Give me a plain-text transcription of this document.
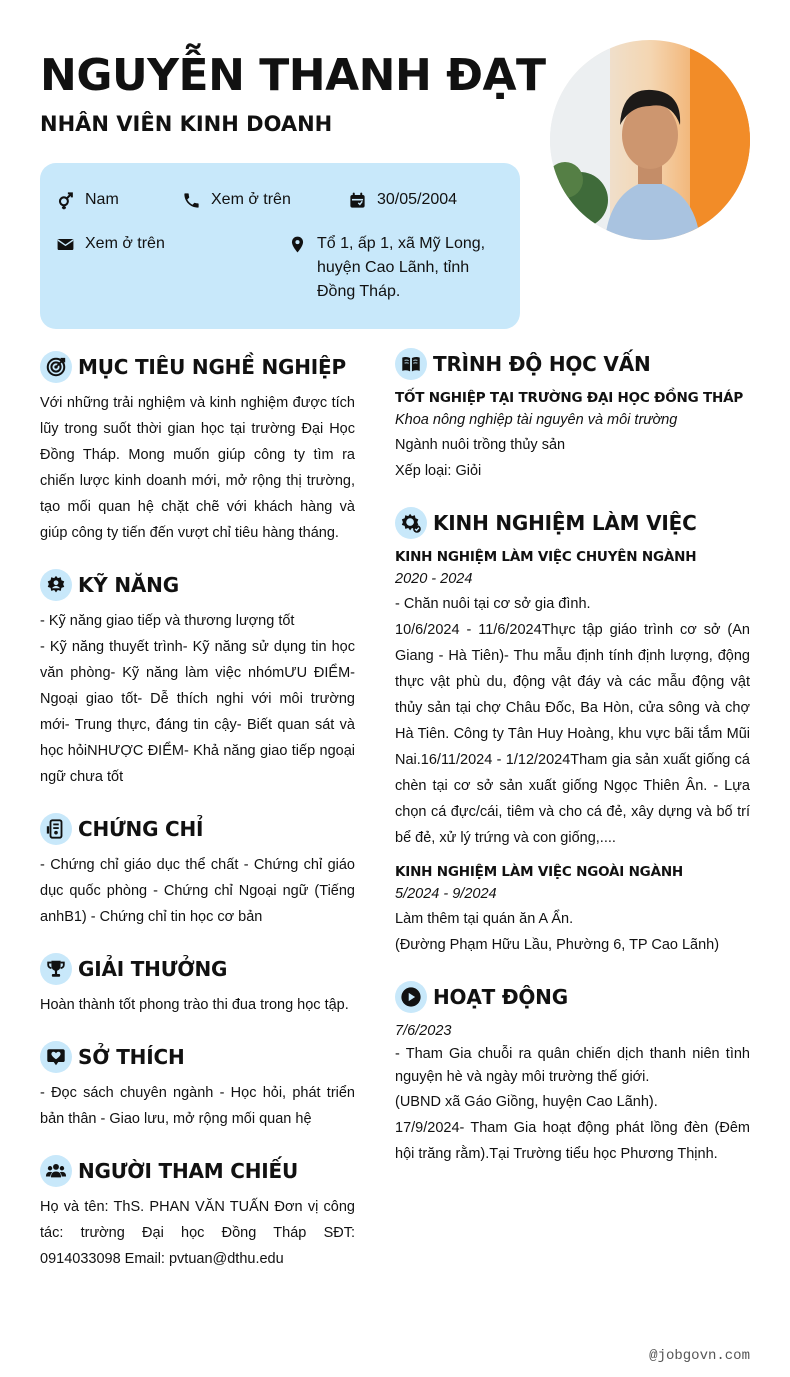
NGUYỄN THANH ĐẠT
NHÂN VIÊN KINH DOANH
Nam	Xem ở trên	30/05/2004
Xem ở trên	Tổ 1, ấp 1, xã Mỹ Long, huyện Cao Lãnh, tỉnh Đồng Tháp.
MỤC TIÊU NGHỀ NGHIỆP
Với những trải nghiệm và kinh nghiệm được tích lũy trong suốt thời gian học tại trường Đại Học Đồng Tháp. Mong muốn giúp công ty tìm ra chiến lược kinh doanh mới, mở rộng thị trường, tạo mối quan hệ chặt chẽ với khách hàng và giúp công ty tiến đến vượt chỉ tiêu hàng tháng.
KỸ NĂNG
- Kỹ năng giao tiếp và thương lượng tốt
- Kỹ năng thuyết trình- Kỹ năng sử dụng tin học văn phòng- Kỹ năng làm việc nhómƯU ĐIỂM- Ngoại giao tốt- Dễ thích nghi với môi trường mới- Trung thực, đáng tin cậy- Biết quan sát và học hỏiNHƯỢC ĐIỂM- Khả năng giao tiếp ngoại ngữ chưa tốt
CHỨNG CHỈ
- Chứng chỉ giáo dục thể chất - Chứng chỉ giáo dục quốc phòng - Chứng chỉ Ngoại ngữ (Tiếng anhB1) - Chứng chỉ tin học cơ bản
GIẢI THƯỞNG
Hoàn thành tốt phong trào thi đua trong học tập.
SỞ THÍCH
- Đọc sách chuyên ngành - Học hỏi, phát triển bản thân - Giao lưu, mở rộng mối quan hệ
NGƯỜI THAM CHIẾU
Họ và tên: ThS. PHAN VĂN TUẤN Đơn vị công tác: trường Đại học Đồng Tháp SĐT: 0914033098 Email: pvtuan@dthu.edu
TRÌNH ĐỘ HỌC VẤN
TỐT NGHIỆP TẠI TRƯỜNG ĐẠI HỌC ĐỒNG THÁP
Khoa nông nghiệp tài nguyên và môi trường
Ngành nuôi trồng thủy sản
Xếp loại: Giỏi
KINH NGHIỆM LÀM VIỆC
KINH NGHIỆM LÀM VIỆC CHUYÊN NGÀNH
2020 - 2024
- Chăn nuôi tại cơ sở gia đình.
10/6/2024 - 11/6/2024Thực tập giáo trình cơ sở (An Giang - Hà Tiên)- Thu mẫu định tính định lượng, động thực vật phù du, động vật đáy và các mẫu động vật thủy sản tại chợ Châu Đốc, Ba Hòn, cửa sông và chợ Hà Tiên. Công ty Tân Huy Hoàng, khu vực bãi tắm Mũi Nai.16/11/2024 - 1/12/2024Tham gia sản xuất giống cá chèn tại cơ sở sản xuất giống Ngọc Thiên Ân. - Lựa chọn cá đực/cái, tiêm và cho cá đẻ, xây dựng và bố trí bể đẻ, xử lý trứng và con giống,....
KINH NGHIỆM LÀM VIỆC NGOÀI NGÀNH
5/2024 - 9/2024
Làm thêm tại quán ăn A Ẩn.
(Đường Phạm Hữu Lầu, Phường 6, TP Cao Lãnh)
HOẠT ĐỘNG
7/6/2023
- Tham Gia chuỗi ra quân chiến dịch thanh niên tình nguyện hè và ngày môi trường thế giới.
(UBND xã Gáo Giồng, huyện Cao Lãnh).
17/9/2024- Tham Gia hoạt động phát lồng đèn (Đêm hội trăng rằm).Tại Trường tiểu học Phương Thịnh.
@jobgovn.com
